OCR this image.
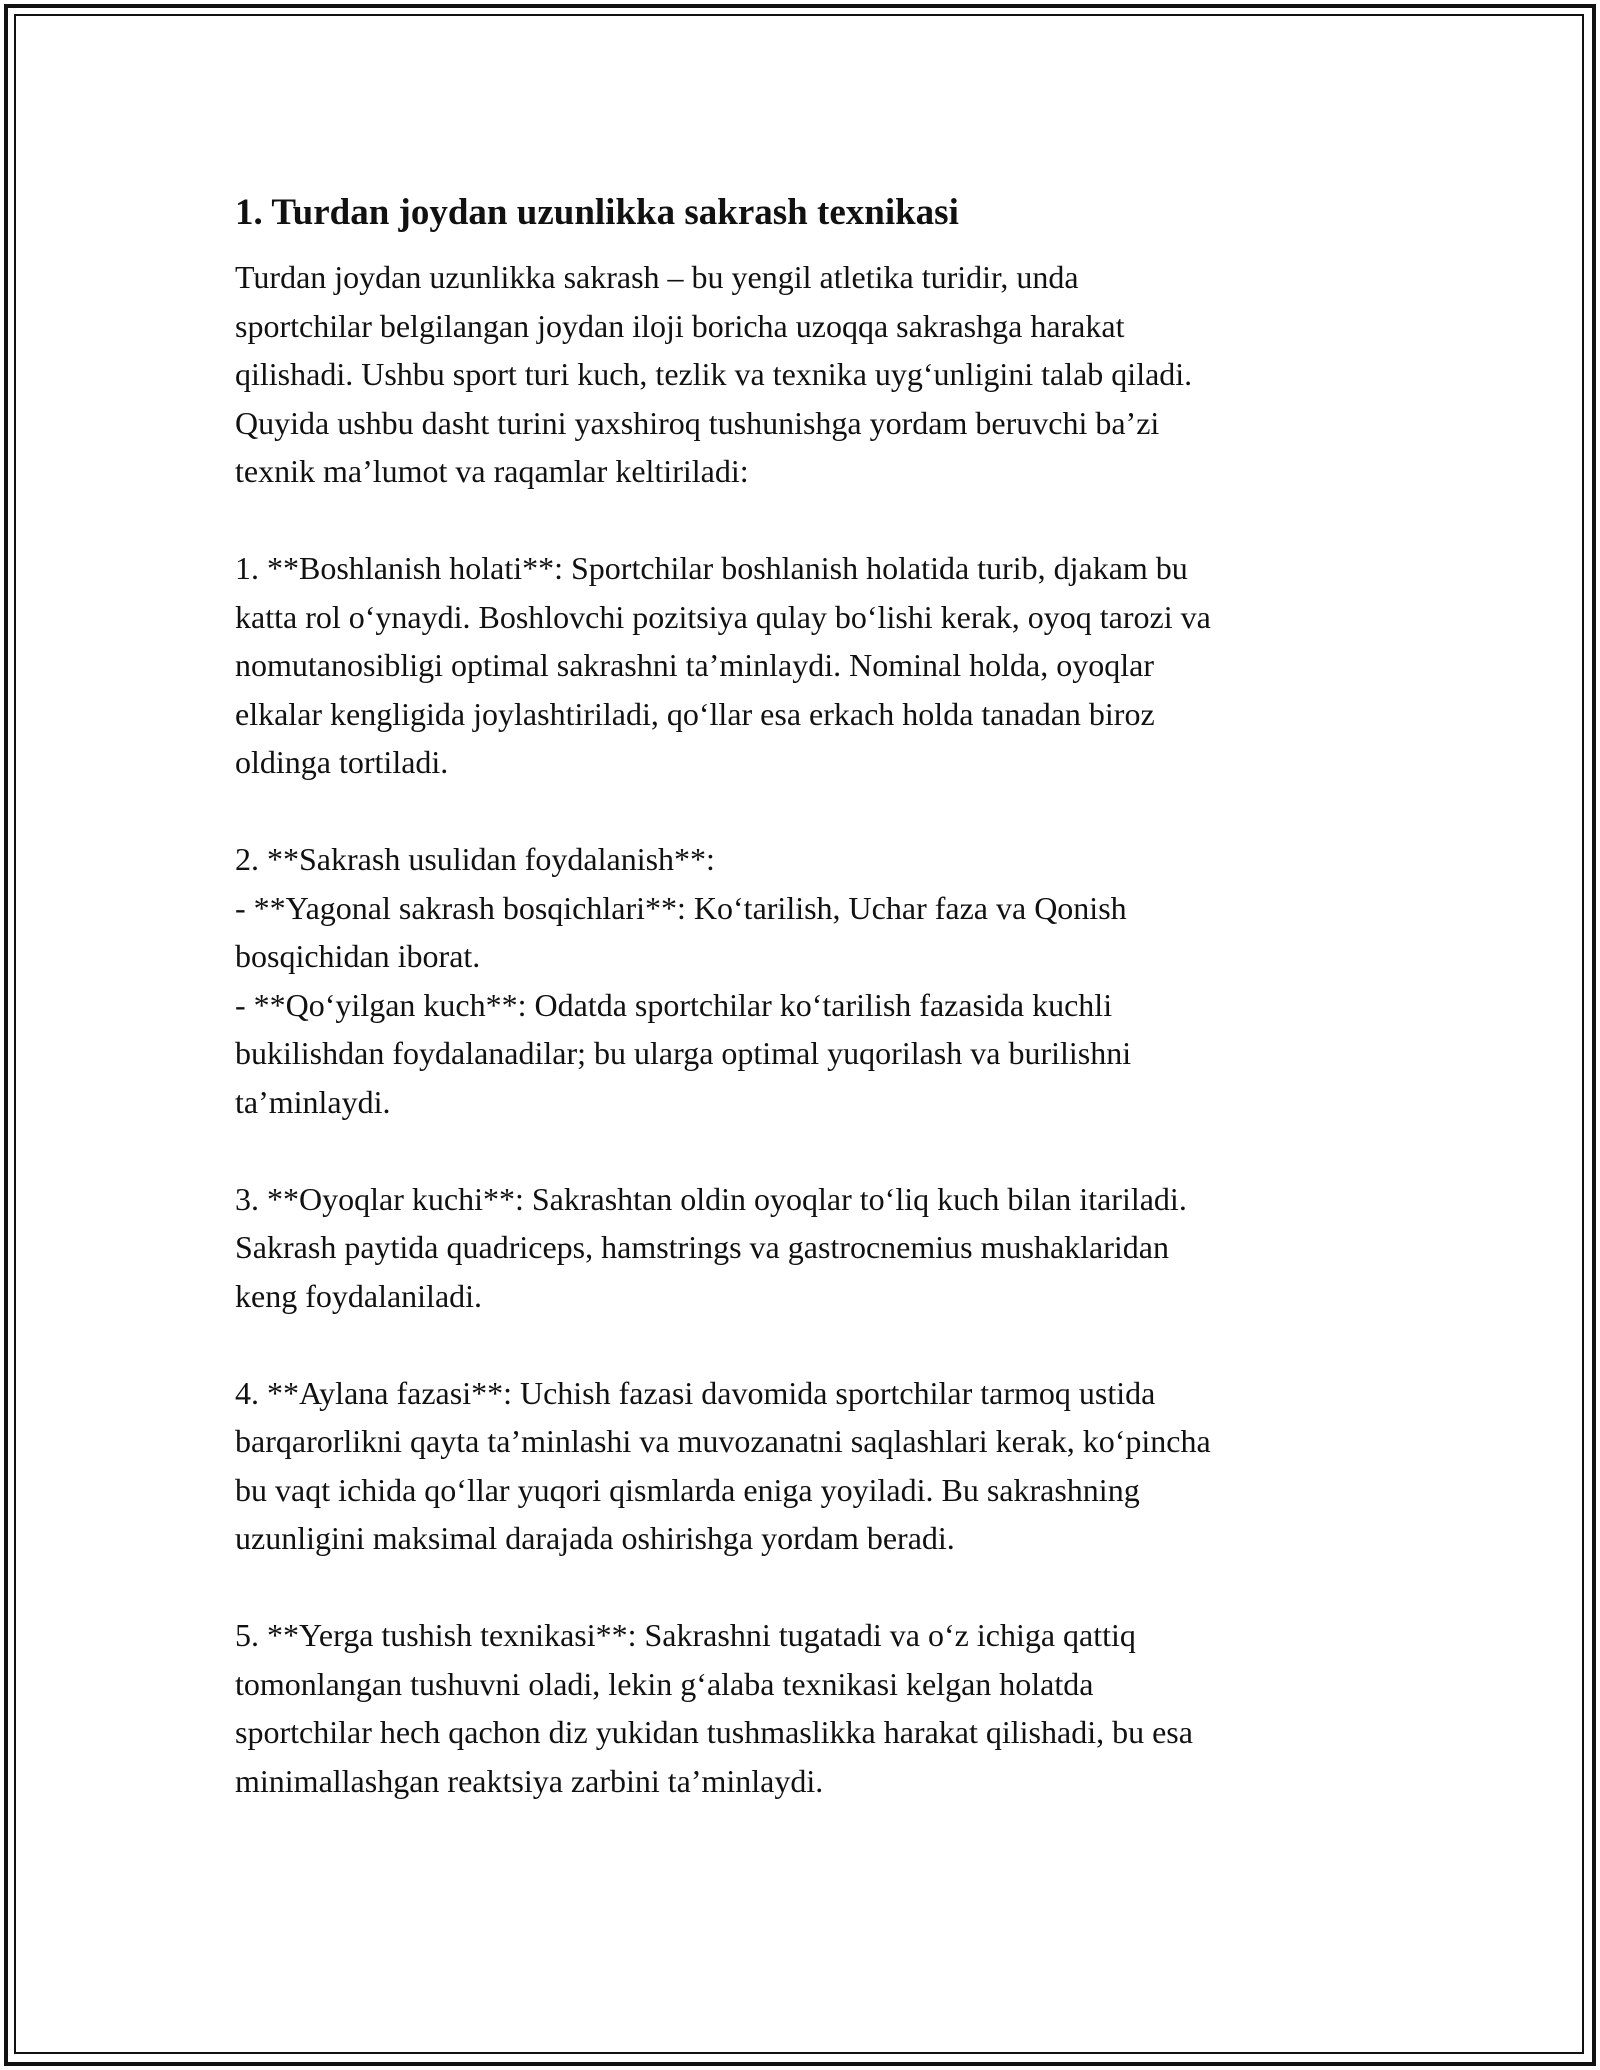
1. Turdan joydan uzunlikka sakrash texnikasi

Turdan joydan uzunlikka sakrash – bu yengil atletika turidir, unda
sportchilar belgilangan joydan iloji boricha uzoqqa sakrashga harakat
qilishadi. Ushbu sport turi kuch, tezlik va texnika uyg‘unligini talab qiladi.
Quyida ushbu dasht turini yaxshiroq tushunishga yordam beruvchi ba’zi
texnik ma’lumot va raqamlar keltiriladi:

1. **Boshlanish holati**: Sportchilar boshlanish holatida turib, djakam bu
katta rol o‘ynaydi. Boshlovchi pozitsiya qulay bo‘lishi kerak, oyoq tarozi va
nomutanosibligi optimal sakrashni ta’minlaydi. Nominal holda, oyoqlar
elkalar kengligida joylashtiriladi, qo‘llar esa erkach holda tanadan biroz
oldinga tortiladi.

2. **Sakrash usulidan foydalanish**:
- **Yagonal sakrash bosqichlari**: Ko‘tarilish, Uchar faza va Qonish
bosqichidan iborat.
- **Qo‘yilgan kuch**: Odatda sportchilar ko‘tarilish fazasida kuchli
bukilishdan foydalanadilar; bu ularga optimal yuqorilash va burilishni
ta’minlaydi.

3. **Oyoqlar kuchi**: Sakrashtan oldin oyoqlar to‘liq kuch bilan itariladi.
Sakrash paytida quadriceps, hamstrings va gastrocnemius mushaklaridan
keng foydalaniladi.

4. **Aylana fazasi**: Uchish fazasi davomida sportchilar tarmoq ustida
barqarorlikni qayta ta’minlashi va muvozanatni saqlashlari kerak, ko‘pincha
bu vaqt ichida qo‘llar yuqori qismlarda eniga yoyiladi. Bu sakrashning
uzunligini maksimal darajada oshirishga yordam beradi.

5. **Yerga tushish texnikasi**: Sakrashni tugatadi va o‘z ichiga qattiq
tomonlangan tushuvni oladi, lekin g‘alaba texnikasi kelgan holatda
sportchilar hech qachon diz yukidan tushmaslikka harakat qilishadi, bu esa
minimallashgan reaktsiya zarbini ta’minlaydi.
